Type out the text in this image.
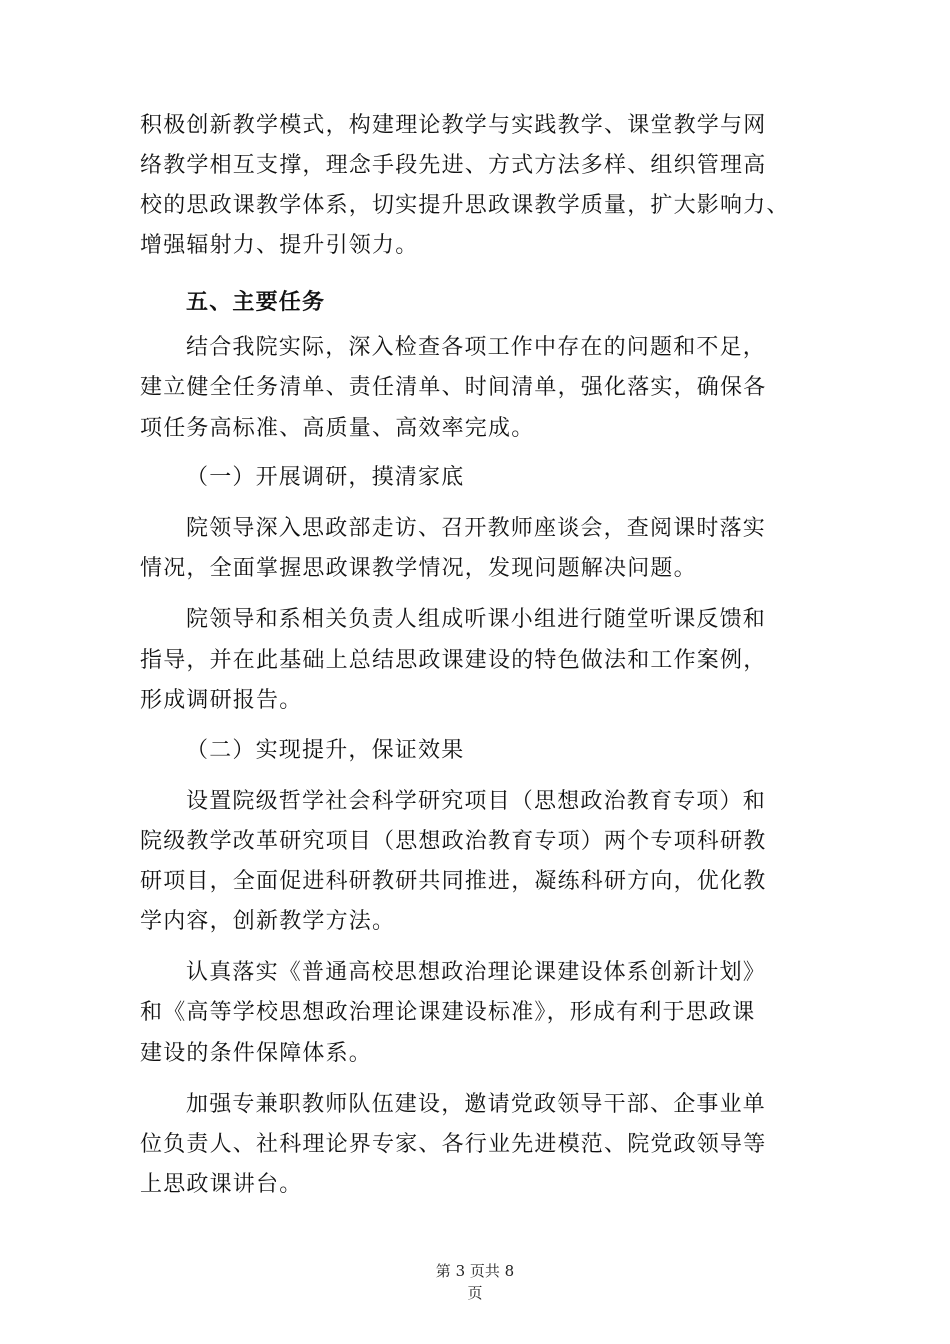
积极创新教学模式，构建理论教学与实践教学、课堂教学与网
络教学相互支撑，理念手段先进、方式方法多样、组织管理高
校的思政课教学体系，切实提升思政课教学质量，扩大影响力、
增强辐射力、提升引领力。
五、主要任务
结合我院实际，深入检查各项工作中存在的问题和不足，
建立健全任务清单、责任清单、时间清单，强化落实，确保各
项任务高标准、高质量、高效率完成。
（一）开展调研，摸清家底
院领导深入思政部走访、召开教师座谈会，查阅课时落实
情况，全面掌握思政课教学情况，发现问题解决问题。
院领导和系相关负责人组成听课小组进行随堂听课反馈和
指导，并在此基础上总结思政课建设的特色做法和工作案例，
形成调研报告。
（二）实现提升，保证效果
设置院级哲学社会科学研究项目（思想政治教育专项）和
院级教学改革研究项目（思想政治教育专项）两个专项科研教
研项目，全面促进科研教研共同推进，凝练科研方向，优化教
学内容，创新教学方法。
认真落实《普通高校思想政治理论课建设体系创新计划》
和《高等学校思想政治理论课建设标准》，形成有利于思政课
建设的条件保障体系。
加强专兼职教师队伍建设，邀请党政领导干部、企事业单
位负责人、社科理论界专家、各行业先进模范、院党政领导等
上思政课讲台。
第 3 页共 8
页
